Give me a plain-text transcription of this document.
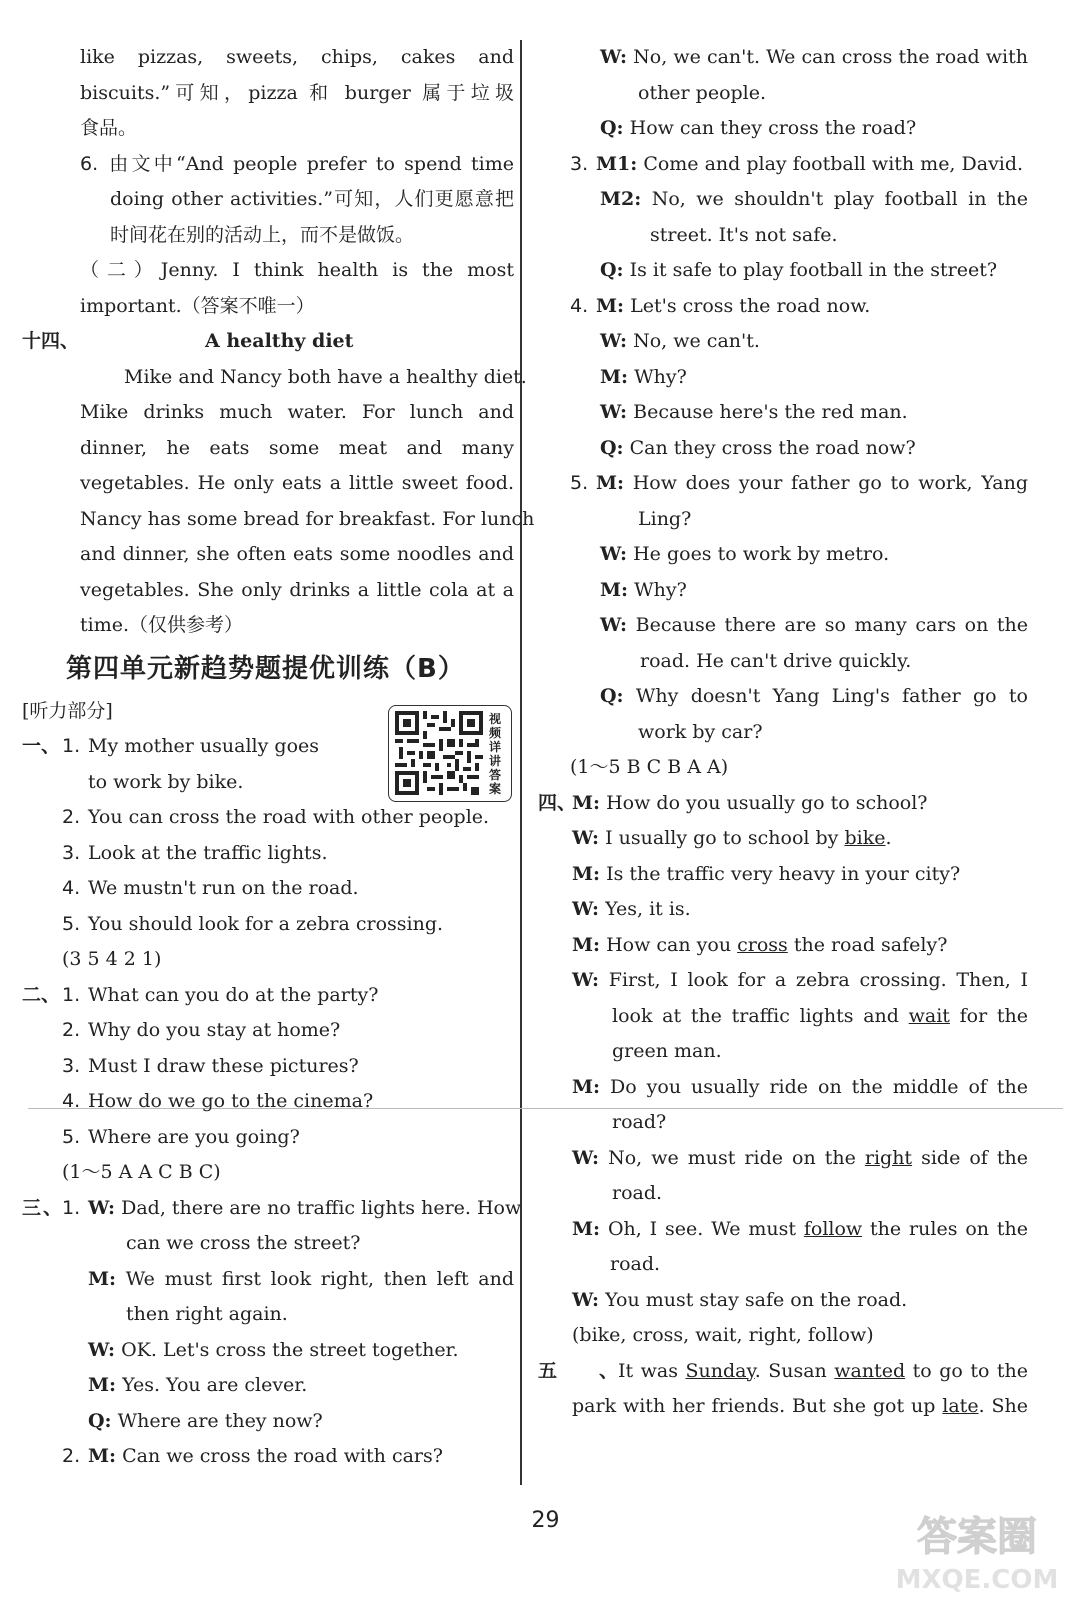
like pizzas, sweets, chips, cakes and
biscuits.”可知，pizza 和 burger 属于垃圾
食品。
6. 由文中“And people prefer to spend time
doing other activities.”可知，人们更愿意把
时间花在别的活动上，而不是做饭。
（二）Jenny. I think health is the most
important.（答案不唯一）
十四、	A healthy diet
Mike and Nancy both have a healthy diet.
Mike drinks much water. For lunch and
dinner, he eats some meat and many
vegetables. He only eats a little sweet food.
Nancy has some bread for breakfast. For lunch
and dinner, she often eats some noodles and
vegetables. She only drinks a little cola at a
time.（仅供参考）
第四单元新趋势题提优训练（B）
[听力部分]
一、 1. My mother usually goes
to work by bike.
2. You can cross the road with other people.
3. Look at the traffic lights.
4. We mustn't run on the road.
5. You should look for a zebra crossing.
(3 5 4 2 1)
二、 1. What can you do at the party?
2. Why do you stay at home?
3. Must I draw these pictures?
4. How do we go to the cinema?
5. Where are you going?
(1～5 A A C B C)
三、1. W: Dad, there are no traffic lights here. How
can we cross the street?
M: We must first look right, then left and
then right again.
W: OK. Let's cross the street together.
M: Yes. You are clever.
Q: Where are they now?
2. M: Can we cross the road with cars?
视频详讲答案
W: No, we can't. We can cross the road with
other people.
Q: How can they cross the road?
3. M1: Come and play football with me, David.
M2: No, we shouldn't play football in the
street. It's not safe.
Q: Is it safe to play football in the street?
4. M: Let's cross the road now.
W: No, we can't.
M: Why?
W: Because here's the red man.
Q: Can they cross the road now?
5. M: How does your father go to work, Yang
Ling?
W: He goes to work by metro.
M: Why?
W: Because there are so many cars on the
road. He can't drive quickly.
Q: Why doesn't Yang Ling's father go to
work by car?
(1～5 B C B A A)
四、M: How do you usually go to school?
W: I usually go to school by bike.
M: Is the traffic very heavy in your city?
W: Yes, it is.
M: How can you cross the road safely?
W: First, I look for a zebra crossing. Then, I
look at the traffic lights and wait for the
green man.
M: Do you usually ride on the middle of the
road?
W: No, we must ride on the right side of the
road.
M: Oh, I see. We must follow the rules on the
road.
W: You must stay safe on the road.
(bike, cross, wait, right, follow)
五、It was Sunday. Susan wanted to go to the
park with her friends. But she got up late. She
29	答案圈
MXQE.COM
